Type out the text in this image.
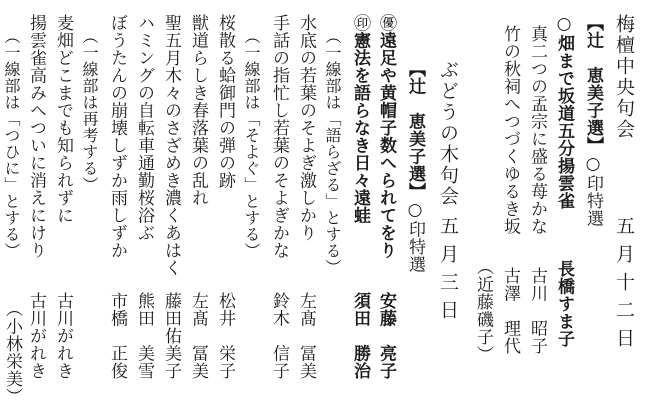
梅檀中央句会
五月十二日
【辻　恵美子選】○印特選
○畑まで坂道五分揚雲雀
長橋すま子
真二つの孟宗に盛る苺かな
古川　昭子
竹の秋祠へつづくゆるき坂
古澤　理代
（近藤磯子）
ぶどうの木句会
五月三日
【辻　恵美子選】○印特選
㊝遠足や黄帽子数へられてをり
安藤　亮子
㊞憲法を語らなき日々遠蛙
須田　勝治
（一線部は「語らざる」とする）
水底の若葉のそよぎ激しかり
左髙　冨美
手話の指忙し若葉のそよぎかな
鈴木　信子
（一線部は「そよぐ」とする）
桜散る蛤御門の弾の跡
松井　栄子
獣道らしき春落葉の乱れ
左髙　冨美
聖五月木々のさざめき濃くあはく
藤田佑美子
ハミングの自転車通勤桜浴ぶ
熊田　美雪
ぼうたんの崩壊しずか雨しずか
市橋　正俊
（一線部は再考する）
麦畑どこまでも知られずに
古川がれき
揚雲雀高みへついに消えにけり
古川がれき
（一線部は「つひに」とする）
（小林栄美）
